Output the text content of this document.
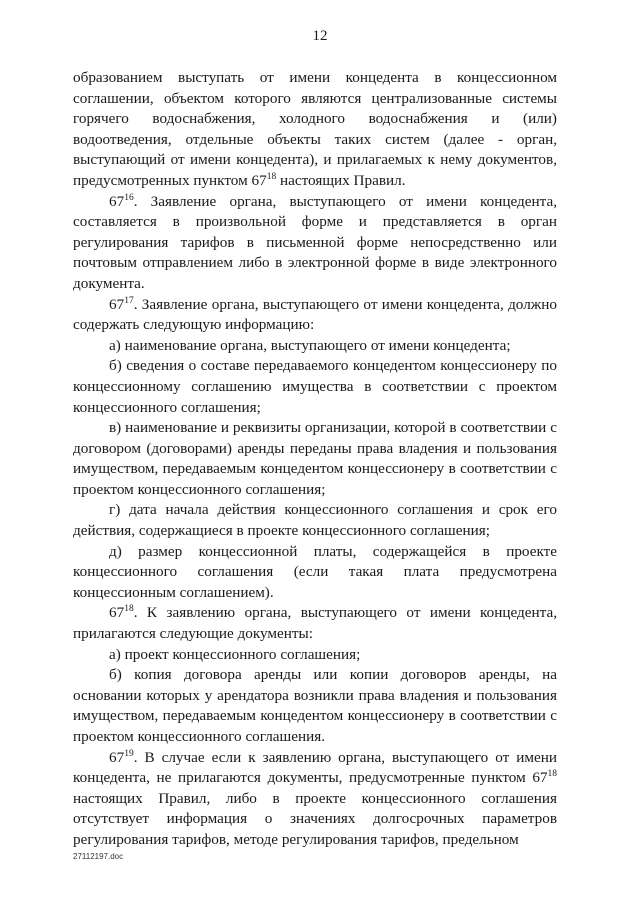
12

образованием выступать от имени концедента в концессионном соглашении, объектом которого являются централизованные системы горячего водоснабжения, холодного водоснабжения и (или) водоотведения, отдельные объекты таких систем (далее - орган, выступающий от имени концедента), и прилагаемых к нему документов, предусмотренных пунктом $67^{18}$ настоящих Правил.

$67^{16}$. Заявление органа, выступающего от имени концедента, составляется в произвольной форме и представляется в орган регулирования тарифов в письменной форме непосредственно или почтовым отправлением либо в электронной форме в виде электронного документа.

$67^{17}$. Заявление органа, выступающего от имени концедента, должно содержать следующую информацию:

а) наименование органа, выступающего от имени концедента;

б) сведения о составе передаваемого концедентом концессионеру по концессионному соглашению имущества в соответствии с проектом концессионного соглашения;

в) наименование и реквизиты организации, которой в соответствии с договором (договорами) аренды переданы права владения и пользования имуществом, передаваемым концедентом концессионеру в соответствии с проектом концессионного соглашения;

г) дата начала действия концессионного соглашения и срок его действия, содержащиеся в проекте концессионного соглашения;

д) размер концессионной платы, содержащейся в проекте концессионного соглашения (если такая плата предусмотрена концессионным соглашением).

$67^{18}$. К заявлению органа, выступающего от имени концедента, прилагаются следующие документы:

а) проект концессионного соглашения;

б) копия договора аренды или копии договоров аренды, на основании которых у арендатора возникли права владения и пользования имуществом, передаваемым концедентом концессионеру в соответствии с проектом концессионного соглашения.

$67^{19}$. В случае если к заявлению органа, выступающего от имени концедента, не прилагаются документы, предусмотренные пунктом $67^{18}$ настоящих Правил, либо в проекте концессионного соглашения отсутствует информация о значениях долгосрочных параметров регулирования тарифов, методе регулирования тарифов, предельном

27112197.doc
